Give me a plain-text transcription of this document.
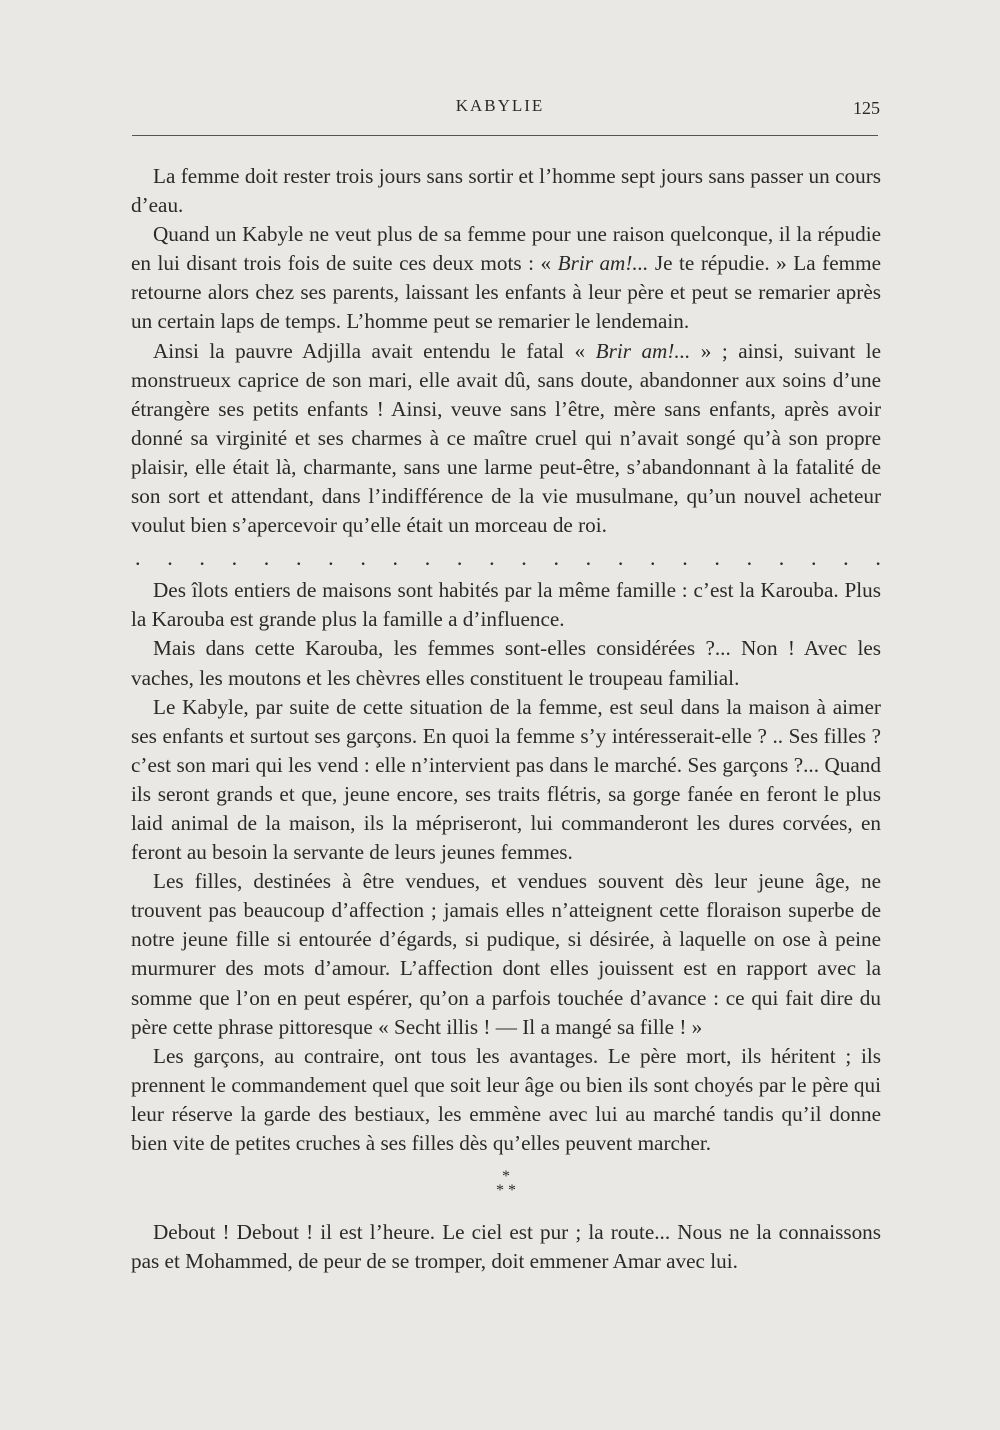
KABYLIE	125

La femme doit rester trois jours sans sortir et l’homme sept jours sans passer un cours d’eau.

Quand un Kabyle ne veut plus de sa femme pour une raison quelconque, il la répudie en lui disant trois fois de suite ces deux mots : « Brir am!... Je te répudie. » La femme retourne alors chez ses parents, laissant les enfants à leur père et peut se remarier après un certain laps de temps. L’homme peut se remarier le lendemain.

Ainsi la pauvre Adjilla avait entendu le fatal « Brir am!... » ; ainsi, suivant le monstrueux caprice de son mari, elle avait dû, sans doute, abandonner aux soins d’une étrangère ses petits enfants ! Ainsi, veuve sans l’être, mère sans enfants, après avoir donné sa virginité et ses charmes à ce maître cruel qui n’avait songé qu’à son propre plaisir, elle était là, charmante, sans une larme peut-être, s’abandonnant à la fatalité de son sort et attendant, dans l’indifférence de la vie musulmane, qu’un nouvel acheteur voulut bien s’apercevoir qu’elle était un morceau de roi.

. . . . . . . . . . . . . . . . . . . . . . . .

Des îlots entiers de maisons sont habités par la même famille : c’est la Karouba. Plus la Karouba est grande plus la famille a d’influence.

Mais dans cette Karouba, les femmes sont-elles considérées ?... Non ! Avec les vaches, les moutons et les chèvres elles constituent le troupeau familial.

Le Kabyle, par suite de cette situation de la femme, est seul dans la maison à aimer ses enfants et surtout ses garçons. En quoi la femme s’y intéresserait-elle ? .. Ses filles ? c’est son mari qui les vend : elle n’intervient pas dans le marché. Ses garçons ?... Quand ils seront grands et que, jeune encore, ses traits flétris, sa gorge fanée en feront le plus laid animal de la maison, ils la mépriseront, lui commanderont les dures corvées, en feront au besoin la servante de leurs jeunes femmes.

Les filles, destinées à être vendues, et vendues souvent dès leur jeune âge, ne trouvent pas beaucoup d’affection ; jamais elles n’atteignent cette floraison superbe de notre jeune fille si entourée d’égards, si pudique, si désirée, à laquelle on ose à peine murmurer des mots d’amour. L’affection dont elles jouissent est en rapport avec la somme que l’on en peut espérer, qu’on a parfois touchée d’avance : ce qui fait dire du père cette phrase pittoresque « Secht illis ! — Il a mangé sa fille ! »

Les garçons, au contraire, ont tous les avantages. Le père mort, ils héritent ; ils prennent le commandement quel que soit leur âge ou bien ils sont choyés par le père qui leur réserve la garde des bestiaux, les emmène avec lui au marché tandis qu’il donne bien vite de petites cruches à ses filles dès qu’elles peuvent marcher.

*
* *

Debout ! Debout ! il est l’heure. Le ciel est pur ; la route... Nous ne la connaissons pas et Mohammed, de peur de se tromper, doit emmener Amar avec lui.
